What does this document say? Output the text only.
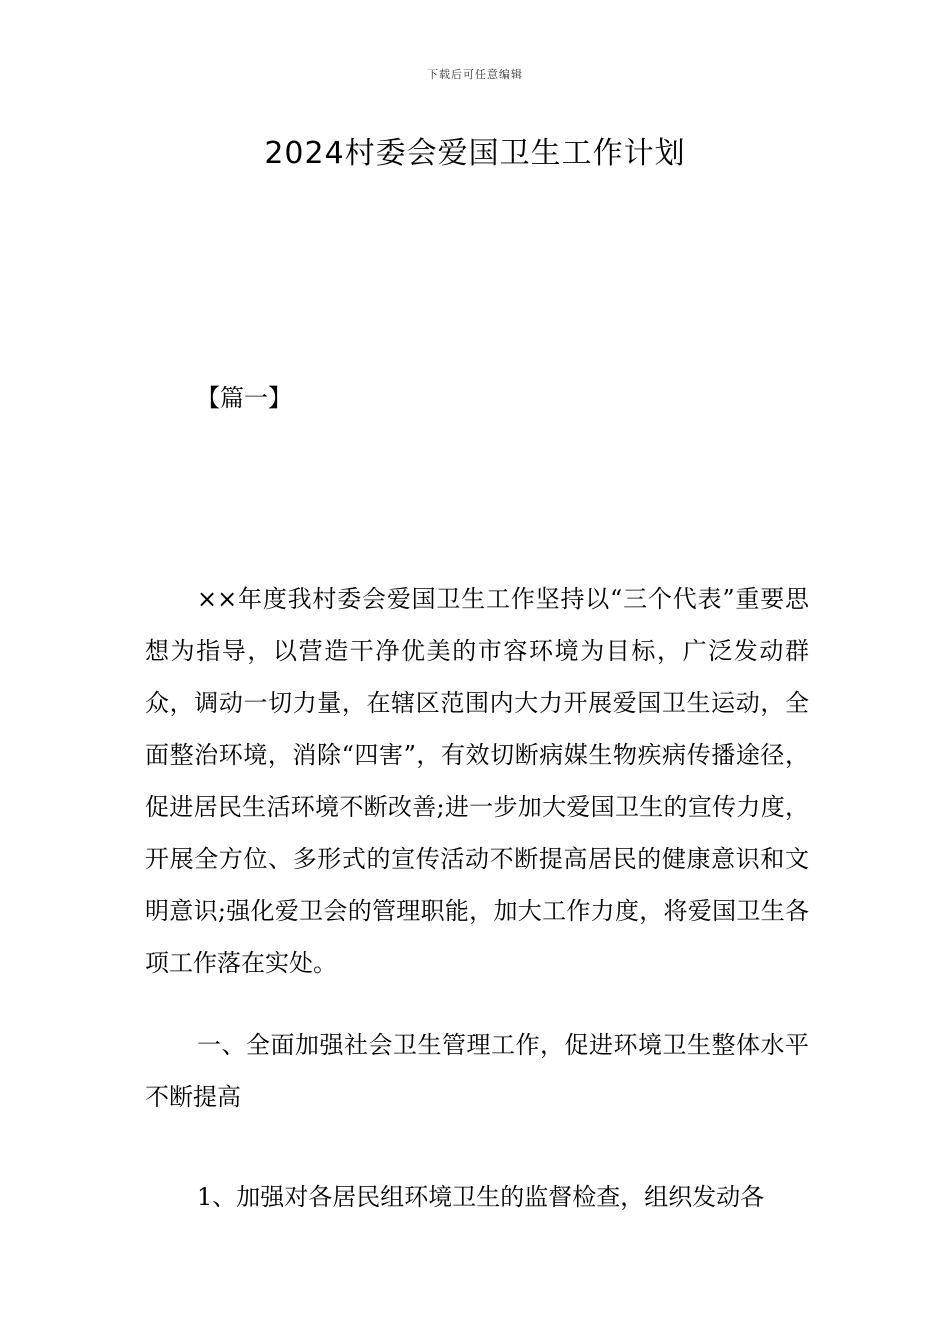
下载后可任意编辑
2024村委会爱国卫生工作计划
【篇一】

××年度我村委会爱国卫生工作坚持以“三个代表”重要思想为指导，以营造干净优美的市容环境为目标，广泛发动群众，调动一切力量，在辖区范围内大力开展爱国卫生运动，全面整治环境，消除“四害”，有效切断病媒生物疾病传播途径，促进居民生活环境不断改善;进一步加大爱国卫生的宣传力度，开展全方位、多形式的宣传活动不断提高居民的健康意识和文明意识;强化爱卫会的管理职能，加大工作力度，将爱国卫生各项工作落在实处。

一、全面加强社会卫生管理工作，促进环境卫生整体水平不断提高

1、加强对各居民组环境卫生的监督检查，组织发动各
